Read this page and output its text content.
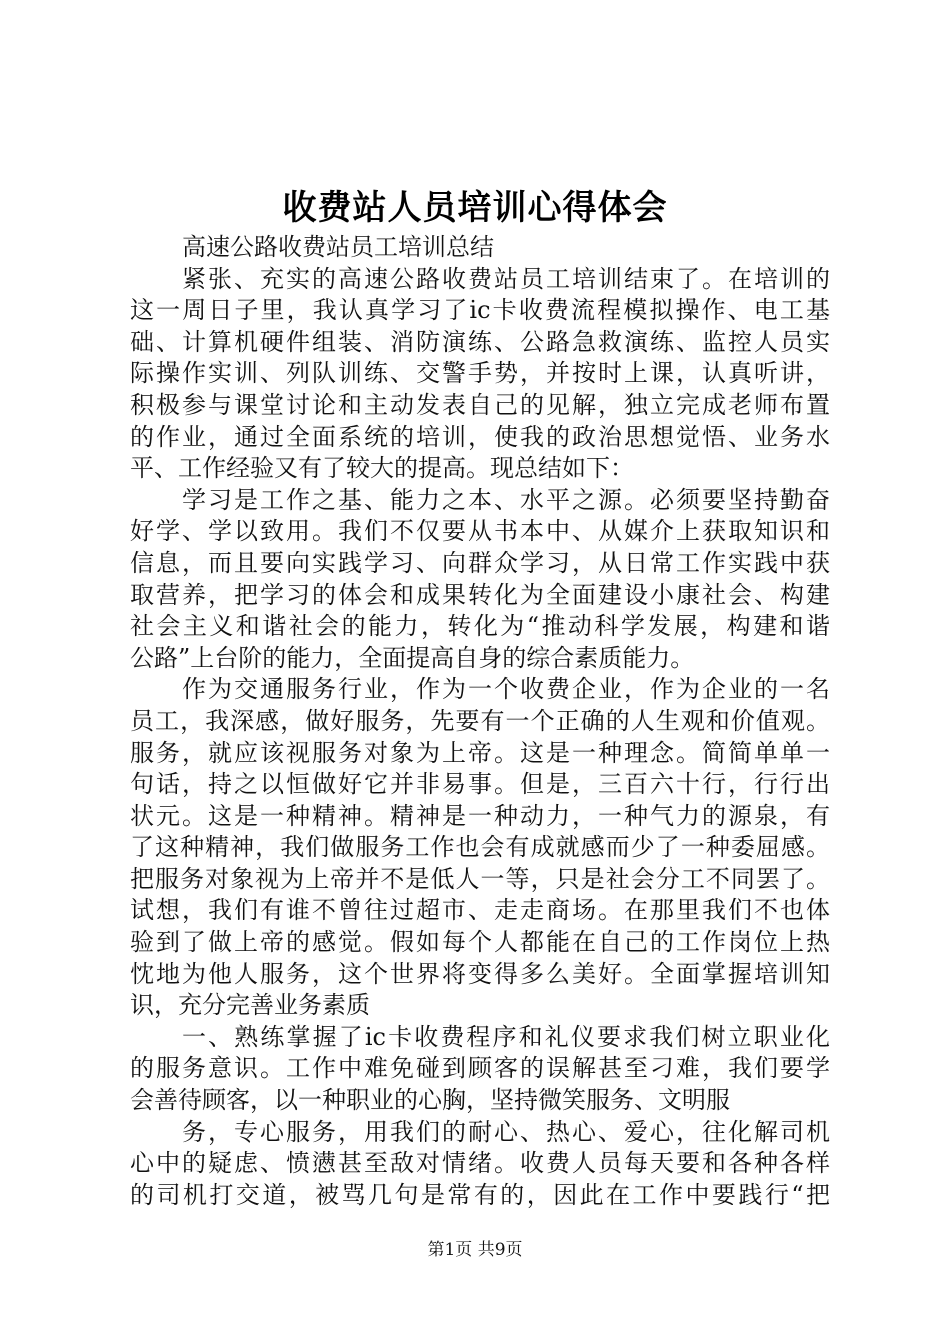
收费站人员培训心得体会
高速公路收费站员工培训总结
紧张、充实的高速公路收费站员工培训结束了。在培训的
这一周日子里，我认真学习了ic卡收费流程模拟操作、电工基
础、计算机硬件组装、消防演练、公路急救演练、监控人员实
际操作实训、列队训练、交警手势，并按时上课，认真听讲，
积极参与课堂讨论和主动发表自己的见解，独立完成老师布置
的作业，通过全面系统的培训，使我的政治思想觉悟、业务水
平、工作经验又有了较大的提高。现总结如下：
学习是工作之基、能力之本、水平之源。必须要坚持勤奋
好学、学以致用。我们不仅要从书本中、从媒介上获取知识和
信息，而且要向实践学习、向群众学习，从日常工作实践中获
取营养，把学习的体会和成果转化为全面建设小康社会、构建
社会主义和谐社会的能力，转化为“推动科学发展，构建和谐
公路”上台阶的能力，全面提高自身的综合素质能力。
作为交通服务行业，作为一个收费企业，作为企业的一名
员工，我深感，做好服务，先要有一个正确的人生观和价值观。
服务，就应该视服务对象为上帝。这是一种理念。简简单单一
句话，持之以恒做好它并非易事。但是，三百六十行，行行出
状元。这是一种精神。精神是一种动力，一种气力的源泉，有
了这种精神，我们做服务工作也会有成就感而少了一种委屈感。
把服务对象视为上帝并不是低人一等，只是社会分工不同罢了。
试想，我们有谁不曾往过超市、走走商场。在那里我们不也体
验到了做上帝的感觉。假如每个人都能在自己的工作岗位上热
忱地为他人服务，这个世界将变得多么美好。全面掌握培训知
识，充分完善业务素质
一、熟练掌握了ic卡收费程序和礼仪要求我们树立职业化
的服务意识。工作中难免碰到顾客的误解甚至刁难，我们要学
会善待顾客，以一种职业的心胸，坚持微笑服务、文明服
务，专心服务，用我们的耐心、热心、爱心，往化解司机
心中的疑虑、愤懑甚至敌对情绪。收费人员每天要和各种各样
的司机打交道，被骂几句是常有的，因此在工作中要践行“把
第1页 共9页
